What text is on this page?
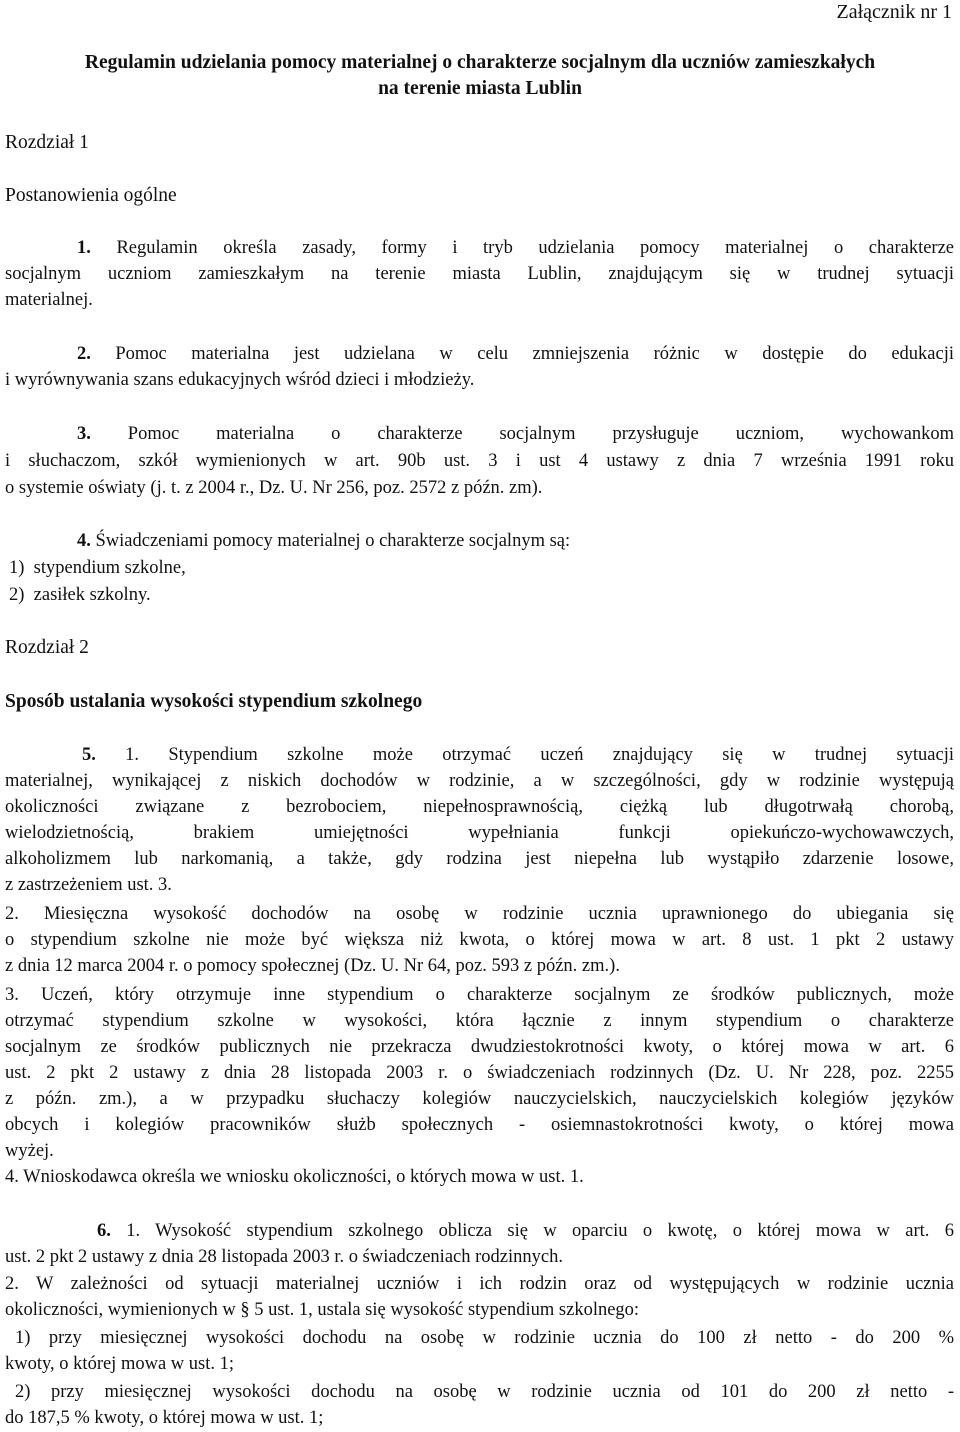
Załącznik nr 1
Regulamin udzielania pomocy materialnej o charakterze socjalnym dla uczniów zamieszkałych
na terenie miasta Lublin
Rozdział 1
Postanowienia ogólne
1. Regulamin określa zasady, formy i tryb udzielania pomocy materialnej o charakterze
socjalnym uczniom zamieszkałym na terenie miasta Lublin, znajdującym się w trudnej sytuacji
materialnej.
2. Pomoc materialna jest udzielana w celu zmniejszenia różnic w dostępie do edukacji
i wyrównywania szans edukacyjnych wśród dzieci i młodzieży.
3. Pomoc materialna o charakterze socjalnym przysługuje uczniom, wychowankom
i słuchaczom, szkół wymienionych w art. 90b ust. 3 i ust 4 ustawy z dnia 7 września 1991 roku
o systemie oświaty (j. t. z 2004 r., Dz. U. Nr 256, poz. 2572 z późn. zm).
4. Świadczeniami pomocy materialnej o charakterze socjalnym są:
1)  stypendium szkolne,
2)  zasiłek szkolny.
Rozdział 2
Sposób ustalania wysokości stypendium szkolnego
5. 1. Stypendium szkolne może otrzymać uczeń znajdujący się w trudnej sytuacji
materialnej, wynikającej z niskich dochodów w rodzinie, a w szczególności, gdy w rodzinie występują
okoliczności związane z bezrobociem, niepełnosprawnością, ciężką lub długotrwałą chorobą,
wielodzietnością, brakiem umiejętności wypełniania funkcji opiekuńczo-wychowawczych,
alkoholizmem lub narkomanią, a także, gdy rodzina jest niepełna lub wystąpiło zdarzenie losowe,
z zastrzeżeniem ust. 3.
2. Miesięczna wysokość dochodów na osobę w rodzinie ucznia uprawnionego do ubiegania się
o stypendium szkolne nie może być większa niż kwota, o której mowa w art. 8 ust. 1 pkt 2 ustawy
z dnia 12 marca 2004 r. o pomocy społecznej (Dz. U. Nr 64, poz. 593 z późn. zm.).
3. Uczeń, który otrzymuje inne stypendium o charakterze socjalnym ze środków publicznych, może
otrzymać stypendium szkolne w wysokości, która łącznie z innym stypendium o charakterze
socjalnym ze środków publicznych nie przekracza dwudziestokrotności kwoty, o której mowa w art. 6
ust. 2 pkt 2 ustawy z dnia 28 listopada 2003 r. o świadczeniach rodzinnych (Dz. U. Nr 228, poz. 2255
z późn. zm.), a w przypadku słuchaczy kolegiów nauczycielskich, nauczycielskich kolegiów języków
obcych i kolegiów pracowników służb społecznych - osiemnastokrotności kwoty, o której mowa
wyżej.
4. Wnioskodawca określa we wniosku okoliczności, o których mowa w ust. 1.
6. 1. Wysokość stypendium szkolnego oblicza się w oparciu o kwotę, o której mowa w art. 6
ust. 2 pkt 2 ustawy z dnia 28 listopada 2003 r. o świadczeniach rodzinnych.
2. W zależności od sytuacji materialnej uczniów i ich rodzin oraz od występujących w rodzinie ucznia
okoliczności, wymienionych w § 5 ust. 1, ustala się wysokość stypendium szkolnego:
1) przy miesięcznej wysokości dochodu na osobę w rodzinie ucznia do 100 zł netto - do 200 %
kwoty, o której mowa w ust. 1;
2) przy miesięcznej wysokości dochodu na osobę w rodzinie ucznia od 101 do 200 zł netto -
do 187,5 % kwoty, o której mowa w ust. 1;
